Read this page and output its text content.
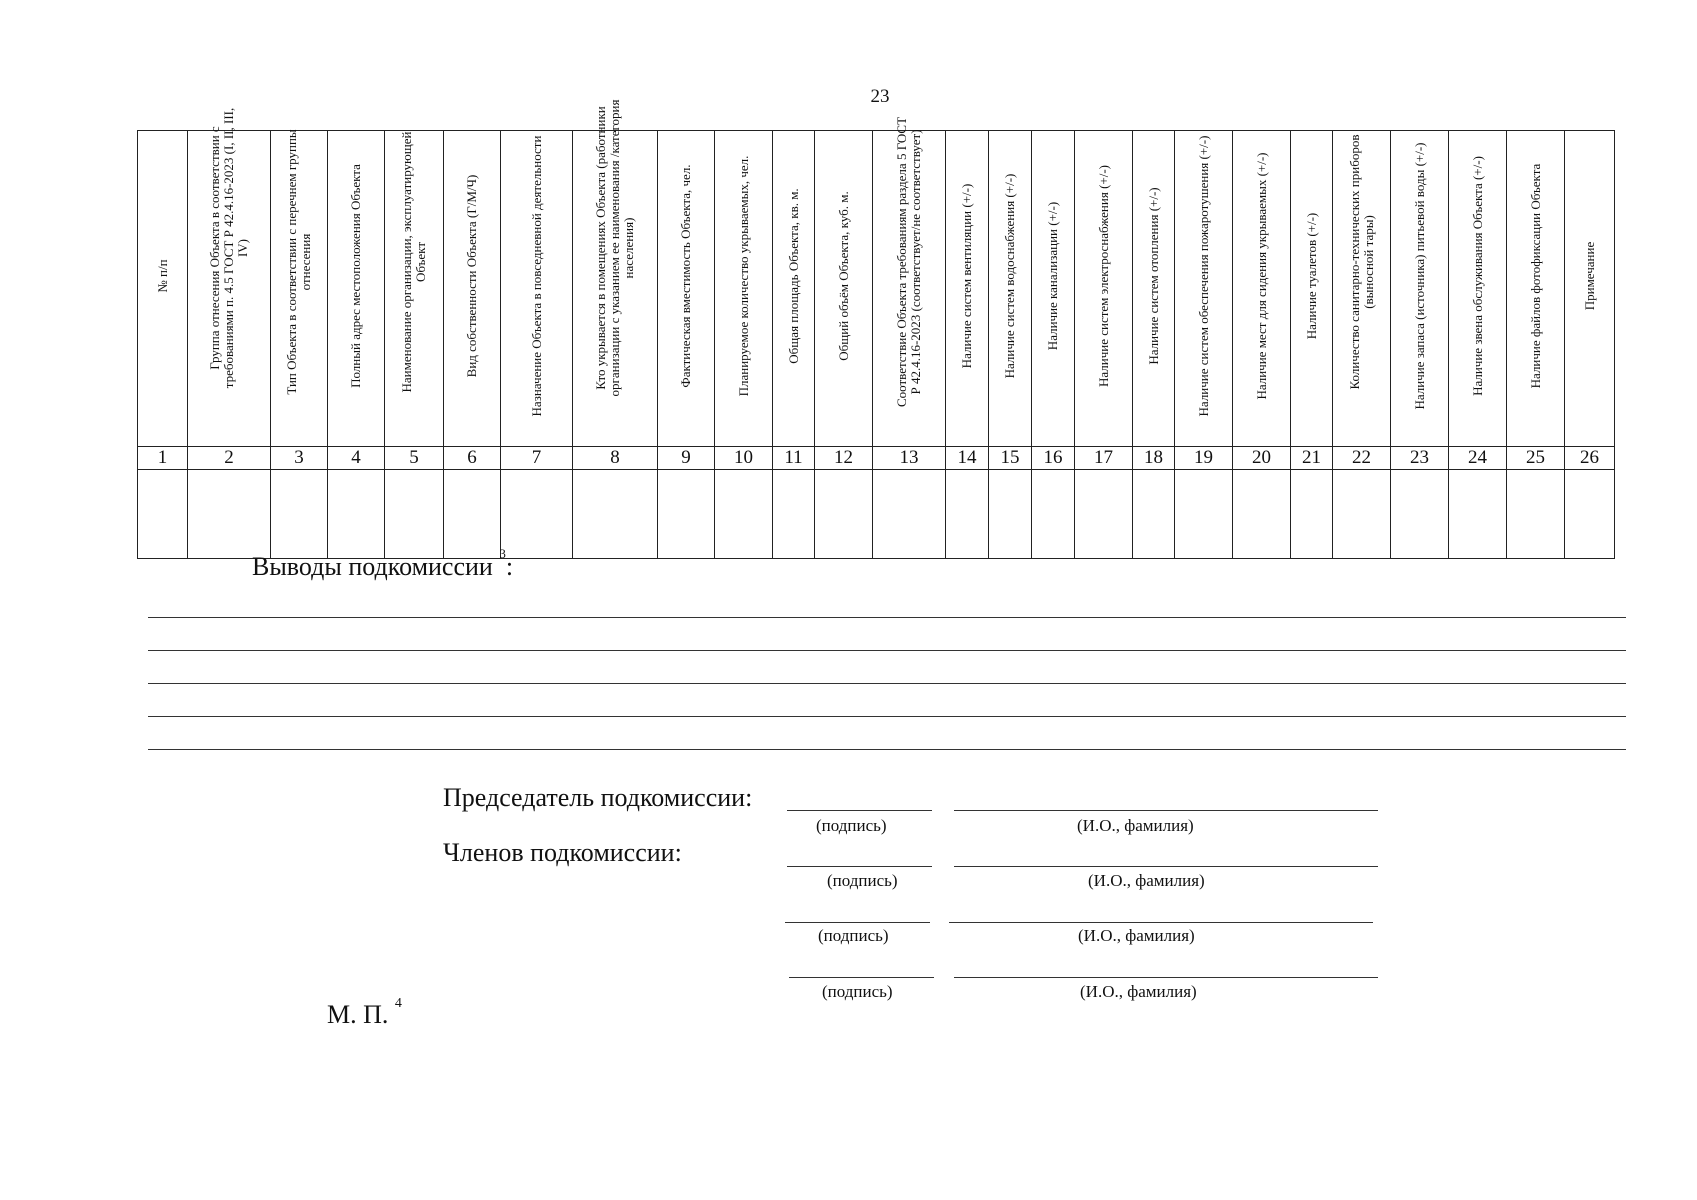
23
№ п/п	Группа отнесения Объекта в соответствии с требованиями п. 4.5 ГОСТ Р 42.4.16-2023 (I, II, III, IV)	Тип Объекта в соответствии с перечнем группы отнесения	Полный адрес местоположения Объекта	Наименование организации, эксплуатирующей Объект	Вид собственности Объекта (Г/М/Ч)	Назначение Объекта в повседневной деятельности	Кто укрывается в помещениях Объекта (работники организации с указанием ее наименования /категория населения)	Фактическая вместимость Объекта, чел.	Планируемое количество укрываемых, чел.	Общая площадь Объекта, кв. м.	Общий объём Объекта, куб. м.	Соответствие Объекта требованиям раздела 5 ГОСТ Р 42.4.16-2023 (соответствует/не соответствует)	Наличие систем вентиляции (+/-)	Наличие систем водоснабжения (+/-)	Наличие канализации (+/-)	Наличие систем электроснабжения (+/-)	Наличие систем отопления (+/-)	Наличие систем обеспечения пожаротушения (+/-)	Наличие мест для сидения укрываемых (+/-)	Наличие туалетов (+/-)	Количество санитарно-технических приборов (выносной тары)	Наличие запаса (источника) питьевой воды (+/-)	Наличие звена обслуживания Объекта (+/-)	Наличие файлов фотофиксации Объекта	Примечание

1	2	3	4	5	6	7	8	9	10	11	12	13	14	15	16	17	18	19	20	21	22	23	24	25	26

Выводы подкомиссии $^3$:
Председатель подкомиссии:
(подпись)	(И.О., фамилия)
Членов подкомиссии:
(подпись)	(И.О., фамилия)
(подпись)	(И.О., фамилия)
(подпись)	(И.О., фамилия)
М. П. $^4$
